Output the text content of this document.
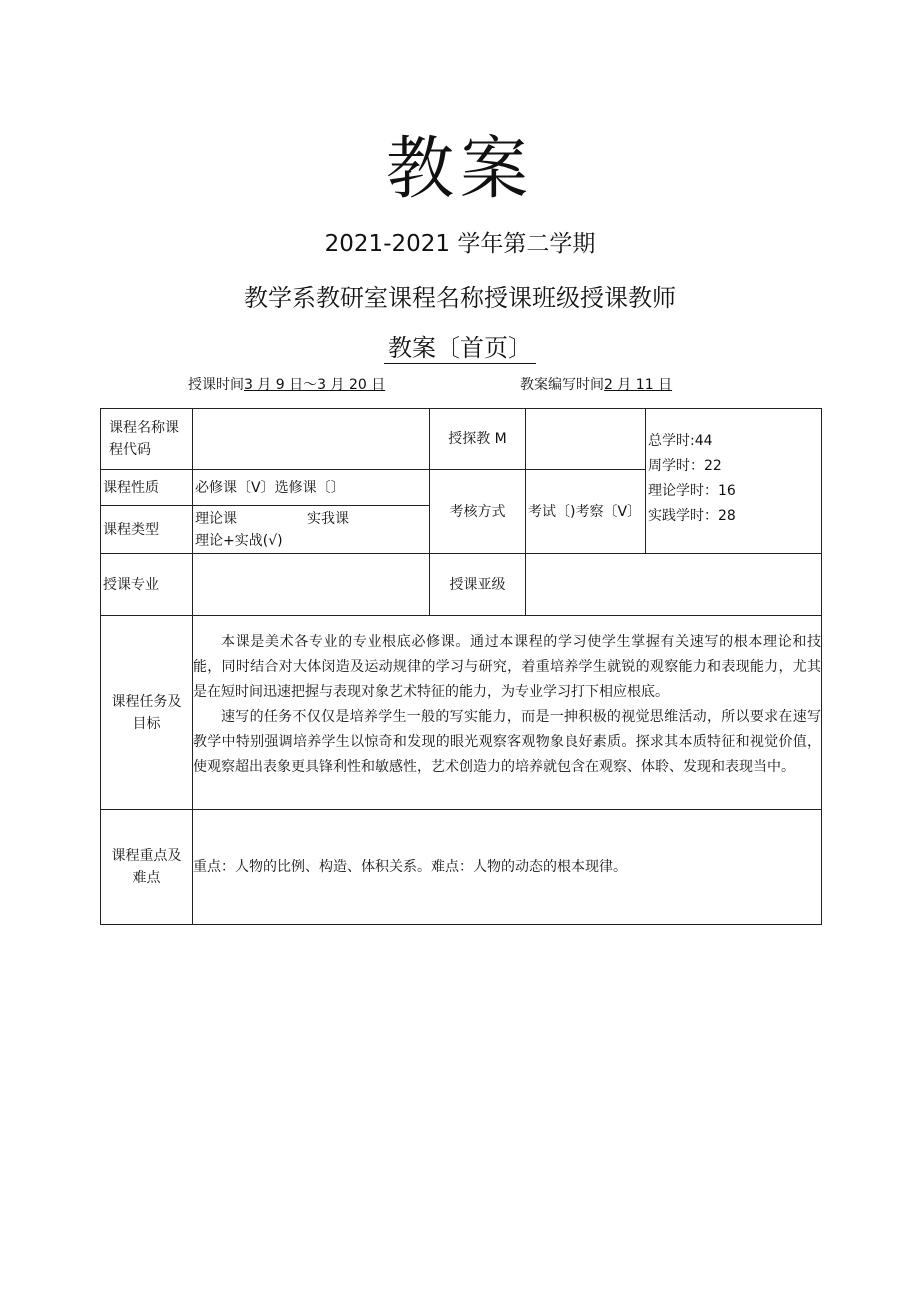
教案
2021-2021 学年第二学期
教学系教研室课程名称授课班级授课教师
教案〔首页〕
授课时间3 月 9 日～3 月 20 日	教案编写时间2 月 11 日
课程名称课程代码		授探教 M		总学时:44
周学时：22
理论学时：16
实践学时：28

课程性质	必修课〔V〕选修课〔〕	考核方式	考试〔)考察〔V〕	
课程类型	理论课　　　　　实我课
理论+实战(√)			

授课专业		授课亚级		
课程任务及目标	本课是美术各专业的专业根底必修课。通过本课程的学习使学生掌握有关速写的根本理论和技能，同时结合对大体闵造及运动规律的学习与研究，着重培养学生就锐的观察能力和表现能力，尤其是在短时间迅速把握与表现对象艺术特征的能力，为专业学习打下相应根底。

速写的任务不仅仅是培养学生一般的写实能力，而是一抻积极的视觉思维活动，所以要求在速写教学中特别强调培养学生以惊奇和发现的眼光观察客观物象良好素质。探求其本质特征和视觉价值，使观察超出表象更具锋利性和敏感性，艺术创造力的培养就包含在观察、体聆、发现和表现当中。			

课程重点及难点	重点：人物的比例、构造、体积关系。难点：人物的动态的根本现律。			
